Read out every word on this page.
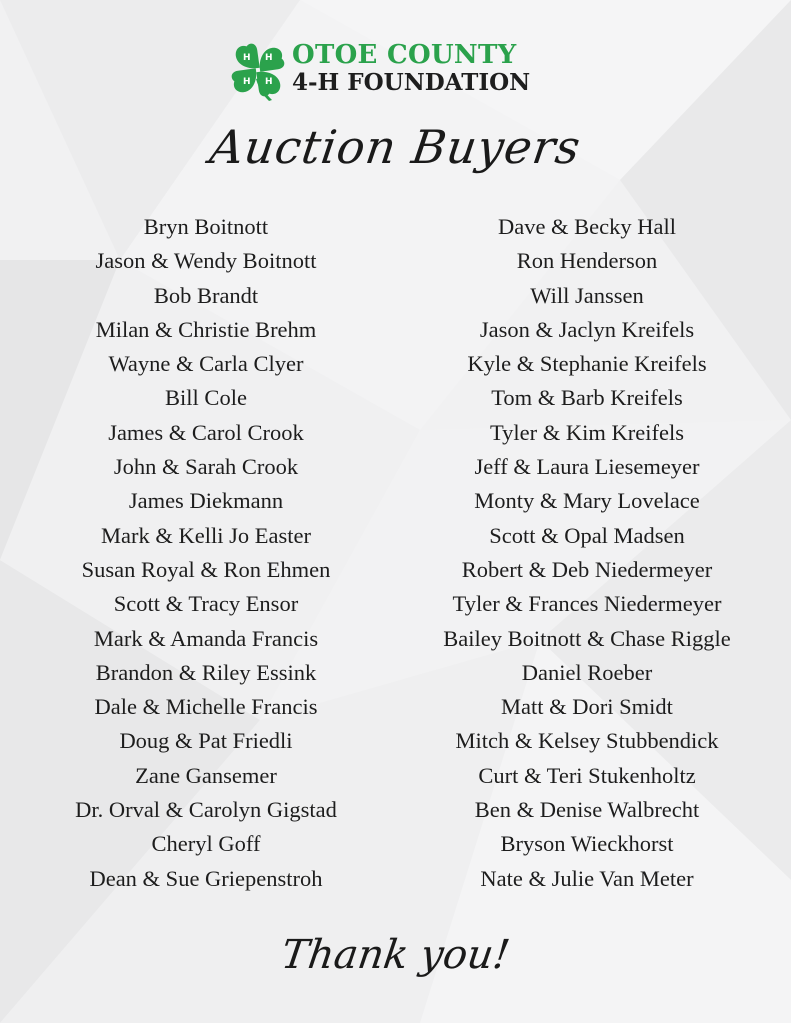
H H
H H
OTOE COUNTY
4-H FOUNDATION
Auction Buyers
Bryn Boitnott
Jason & Wendy Boitnott
Bob Brandt
Milan & Christie Brehm
Wayne & Carla Clyer
Bill Cole
James & Carol Crook
John & Sarah Crook
James Diekmann
Mark & Kelli Jo Easter
Susan Royal & Ron Ehmen
Scott & Tracy Ensor
Mark & Amanda Francis
Brandon & Riley Essink
Dale & Michelle Francis
Doug & Pat Friedli
Zane Gansemer
Dr. Orval & Carolyn Gigstad
Cheryl Goff
Dean & Sue Griepenstroh
Dave & Becky Hall
Ron Henderson
Will Janssen
Jason & Jaclyn Kreifels
Kyle & Stephanie Kreifels
Tom & Barb Kreifels
Tyler & Kim Kreifels
Jeff & Laura Liesemeyer
Monty & Mary Lovelace
Scott & Opal Madsen
Robert & Deb Niedermeyer
Tyler & Frances Niedermeyer
Bailey Boitnott & Chase Riggle
Daniel Roeber
Matt & Dori Smidt
Mitch & Kelsey Stubbendick
Curt & Teri Stukenholtz
Ben & Denise Walbrecht
Bryson Wieckhorst
Nate & Julie Van Meter
Thank you!
